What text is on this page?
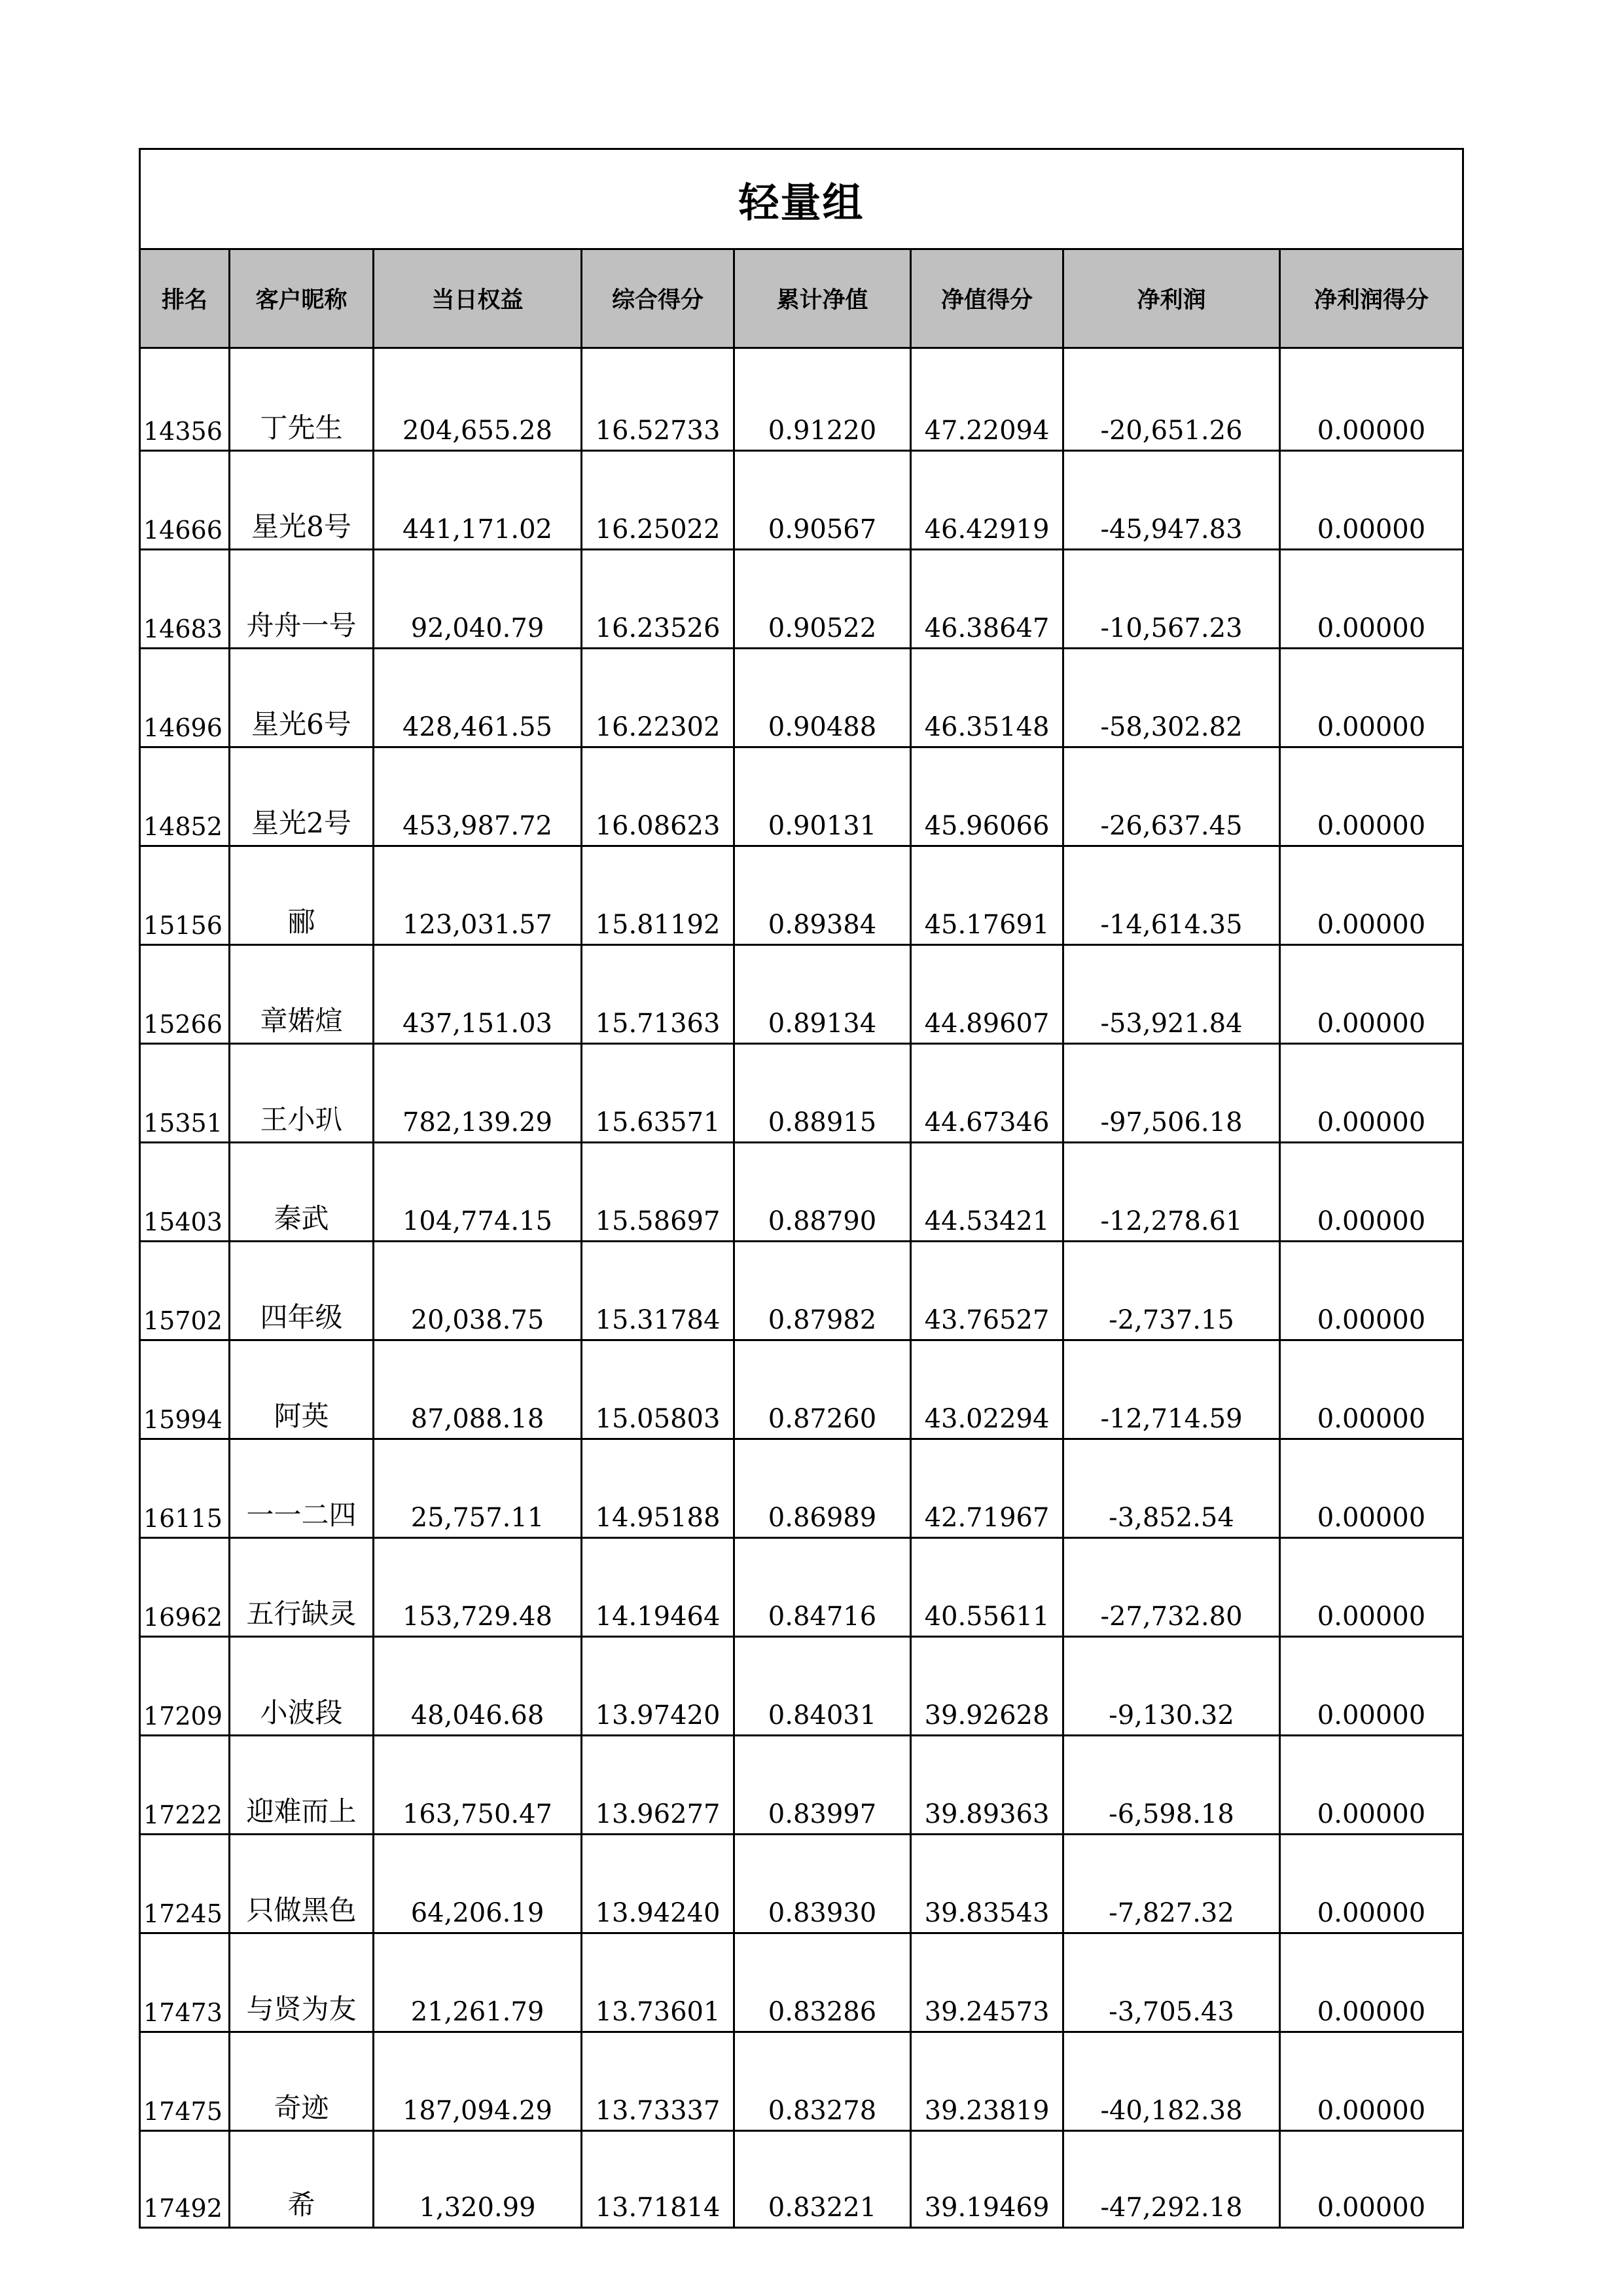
轻量组							
排名	客户昵称	当日权益	综合得分	累计净值	净值得分	净利润	净利润得分
14356	丁先生	204,655.28	16.52733	0.91220	47.22094	-20,651.26	0.00000
14666	星光8号	441,171.02	16.25022	0.90567	46.42919	-45,947.83	0.00000
14683	舟舟一号	92,040.79	16.23526	0.90522	46.38647	-10,567.23	0.00000
14696	星光6号	428,461.55	16.22302	0.90488	46.35148	-58,302.82	0.00000
14852	星光2号	453,987.72	16.08623	0.90131	45.96066	-26,637.45	0.00000
15156	郦	123,031.57	15.81192	0.89384	45.17691	-14,614.35	0.00000
15266	章婼煊	437,151.03	15.71363	0.89134	44.89607	-53,921.84	0.00000
15351	王小玐	782,139.29	15.63571	0.88915	44.67346	-97,506.18	0.00000
15403	秦武	104,774.15	15.58697	0.88790	44.53421	-12,278.61	0.00000
15702	四年级	20,038.75	15.31784	0.87982	43.76527	-2,737.15	0.00000
15994	阿英	87,088.18	15.05803	0.87260	43.02294	-12,714.59	0.00000
16115	一一二四	25,757.11	14.95188	0.86989	42.71967	-3,852.54	0.00000
16962	五行缺灵	153,729.48	14.19464	0.84716	40.55611	-27,732.80	0.00000
17209	小波段	48,046.68	13.97420	0.84031	39.92628	-9,130.32	0.00000
17222	迎难而上	163,750.47	13.96277	0.83997	39.89363	-6,598.18	0.00000
17245	只做黑色	64,206.19	13.94240	0.83930	39.83543	-7,827.32	0.00000
17473	与贤为友	21,261.79	13.73601	0.83286	39.24573	-3,705.43	0.00000
17475	奇迹	187,094.29	13.73337	0.83278	39.23819	-40,182.38	0.00000
17492	希	1,320.99	13.71814	0.83221	39.19469	-47,292.18	0.00000
